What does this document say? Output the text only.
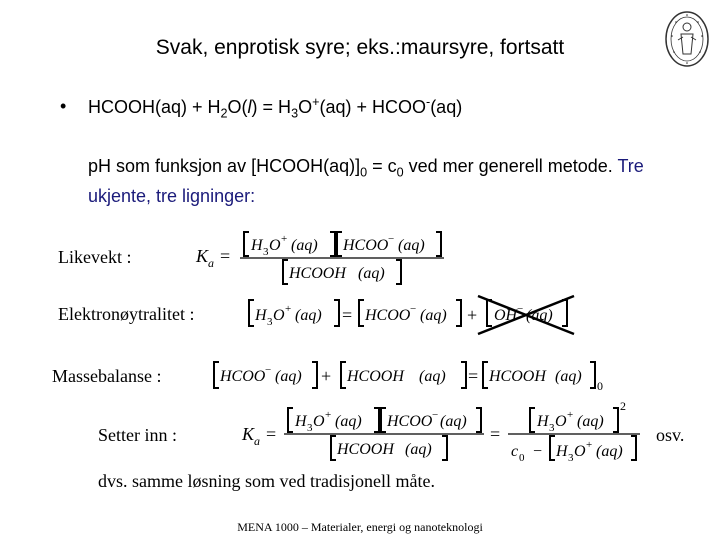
Svak, enprotisk syre; eks.:maursyre, fortsatt
• HCOOH(aq) + $H_2O(l) = H_3O^+(aq)$ + HCOO-(aq)
pH som funksjon av $[HCOOH(aq)]_0 = c_0$ ved mer generell metode. Tre ukjente, tre ligninger:
Likevekt :	K a =
H 3 O + (aq) HCOO − (aq)
HCOOH (aq)
Elektronøytralitet :	H 3 O + (aq) = HCOO − (aq) + OH − (aq)
Massebalanse :	HCOO − (aq) + HCOOH (aq) = HCOOH (aq)
0
Setter inn :	K a =
H 3 O + (aq) HCOO − (aq)
HCOOH (aq)
=
H 3 O + (aq)
2
c 0 − H 3 O + (aq)
osv.
dvs. samme løsning som ved tradisjonell måte.
MENA 1000 – Materialer, energi og nanoteknologi
